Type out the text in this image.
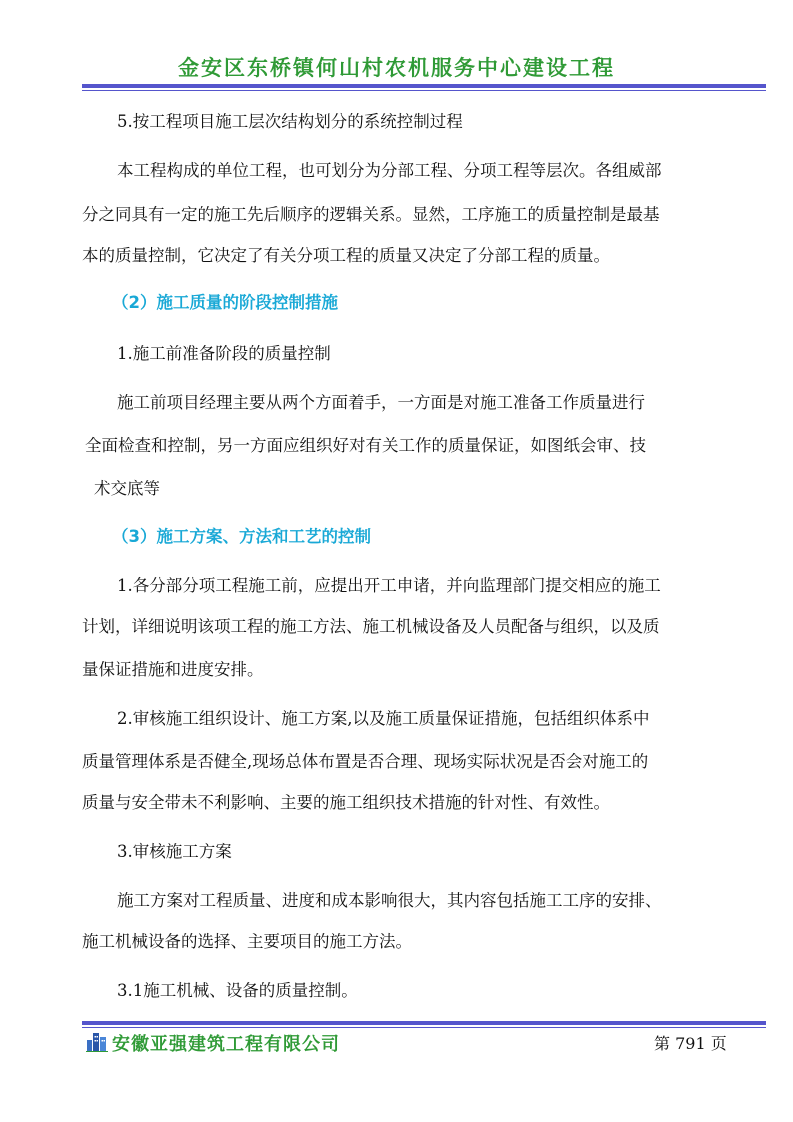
金安区东桥镇何山村农机服务中心建设工程
5.按工程项目施工层次结构划分的系统控制过程
本工程构成的单位工程，也可划分为分部工程、分项工程等层次。各组威部
分之同具有一定的施工先后顺序的逻辑关系。显然，工序施工的质量控制是最基
本的质量控制，它决定了有关分项工程的质量又决定了分部工程的质量。
（2）施工质量的阶段控制措施
1.施工前准备阶段的质量控制
施工前项目经理主要从两个方面着手，一方面是对施工准备工作质量进行
全面检查和控制，另一方面应组织好对有关工作的质量保证，如图纸会审、技
术交底等
（3）施工方案、方法和工艺的控制
1.各分部分项工程施工前，应提出开工申诸，并向监理部门提交相应的施工
计划，详细说明该项工程的施工方法、施工机械设备及人员配备与组织，以及质
量保证措施和进度安排。
2.审核施工组织设计、施工方案,以及施工质量保证措施，包括组织体系中
质量管理体系是否健全,现场总体布置是否合理、现场实际状况是否会对施工的
质量与安全带未不利影响、主要的施工组织技术措施的针对性、有效性。
3.审核施工方案
施工方案对工程质量、进度和成本影响很大，其内容包括施工工序的安排、
施工机械设备的选择、主要项目的施工方法。
3.1施工机械、设备的质量控制。
安徽亚强建筑工程有限公司	第 791 页
